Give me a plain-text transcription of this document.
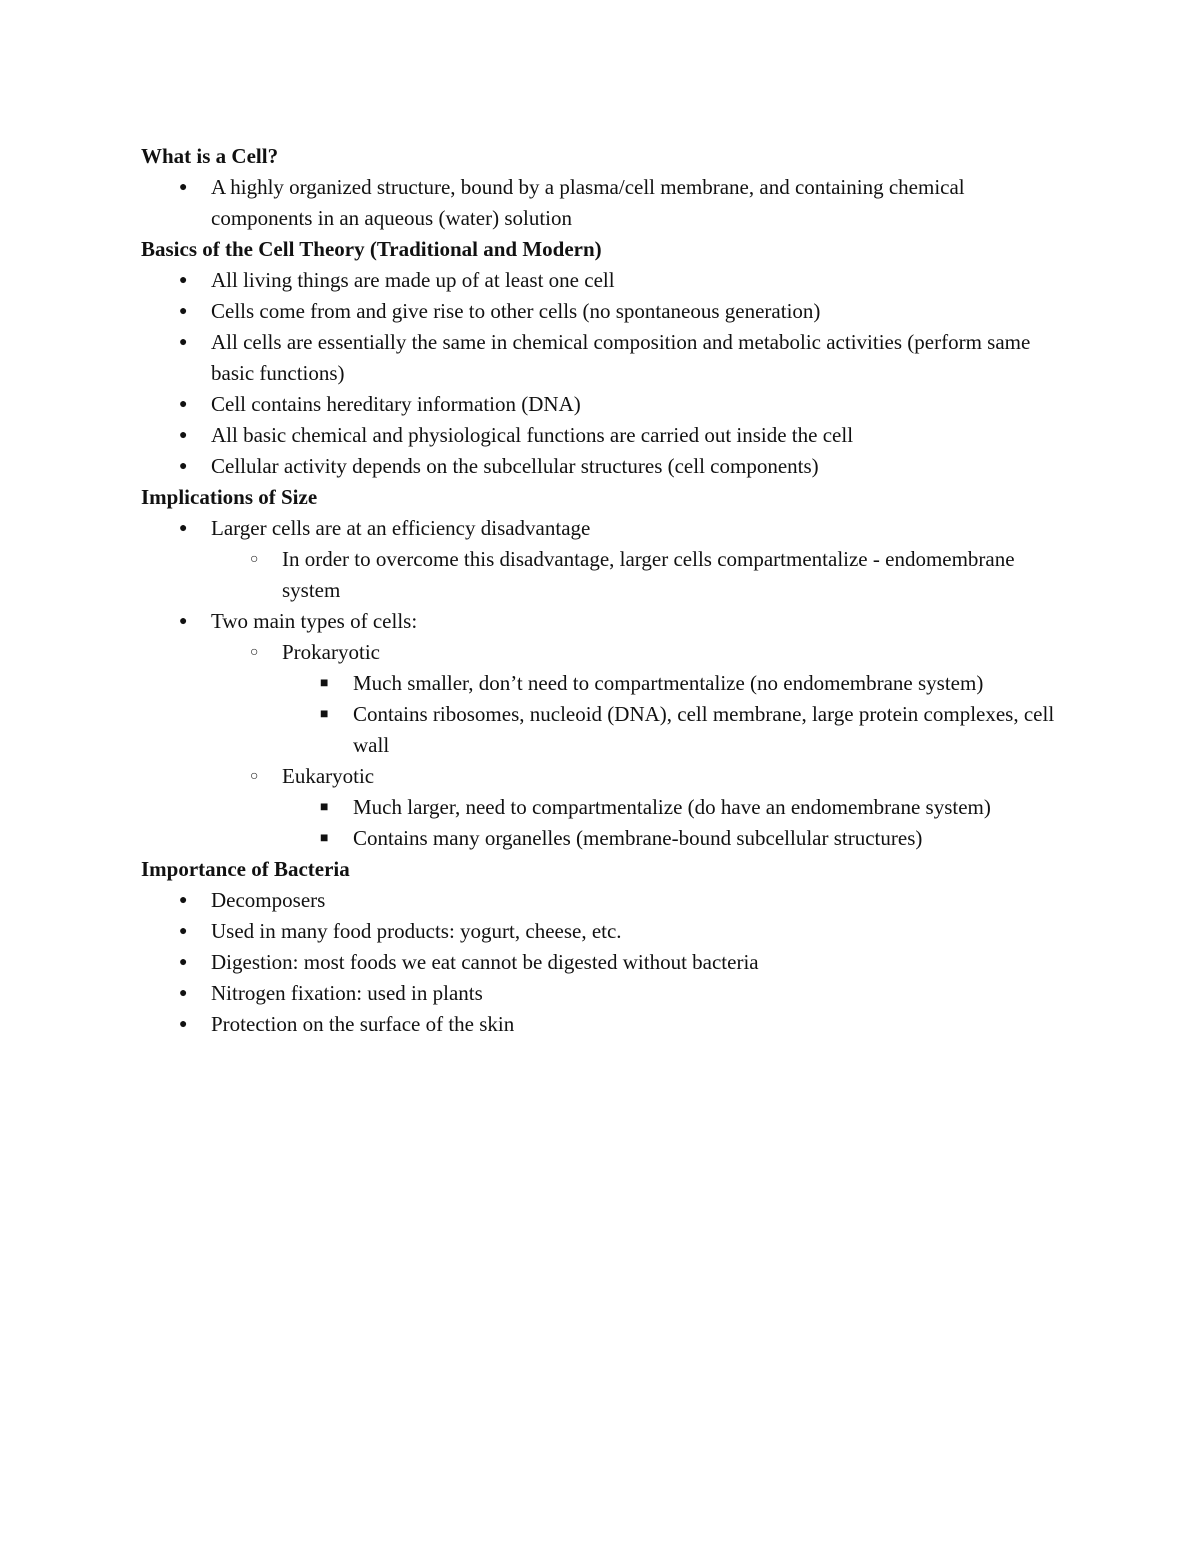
What is a Cell?
● A highly organized structure, bound by a plasma/cell membrane, and containing chemical components in an aqueous (water) solution
Basics of the Cell Theory (Traditional and Modern)
● All living things are made up of at least one cell
● Cells come from and give rise to other cells (no spontaneous generation)
● All cells are essentially the same in chemical composition and metabolic activities (perform same basic functions)
● Cell contains hereditary information (DNA)
● All basic chemical and physiological functions are carried out inside the cell
● Cellular activity depends on the subcellular structures (cell components)
Implications of Size
● Larger cells are at an efficiency disadvantage
○ In order to overcome this disadvantage, larger cells compartmentalize - endomembrane system
● Two main types of cells:
○ Prokaryotic
■ Much smaller, don’t need to compartmentalize (no endomembrane system)
■ Contains ribosomes, nucleoid (DNA), cell membrane, large protein complexes, cell wall
○ Eukaryotic
■ Much larger, need to compartmentalize (do have an endomembrane system)
■ Contains many organelles (membrane-bound subcellular structures)
Importance of Bacteria
● Decomposers
● Used in many food products: yogurt, cheese, etc.
● Digestion: most foods we eat cannot be digested without bacteria
● Nitrogen fixation: used in plants
● Protection on the surface of the skin
